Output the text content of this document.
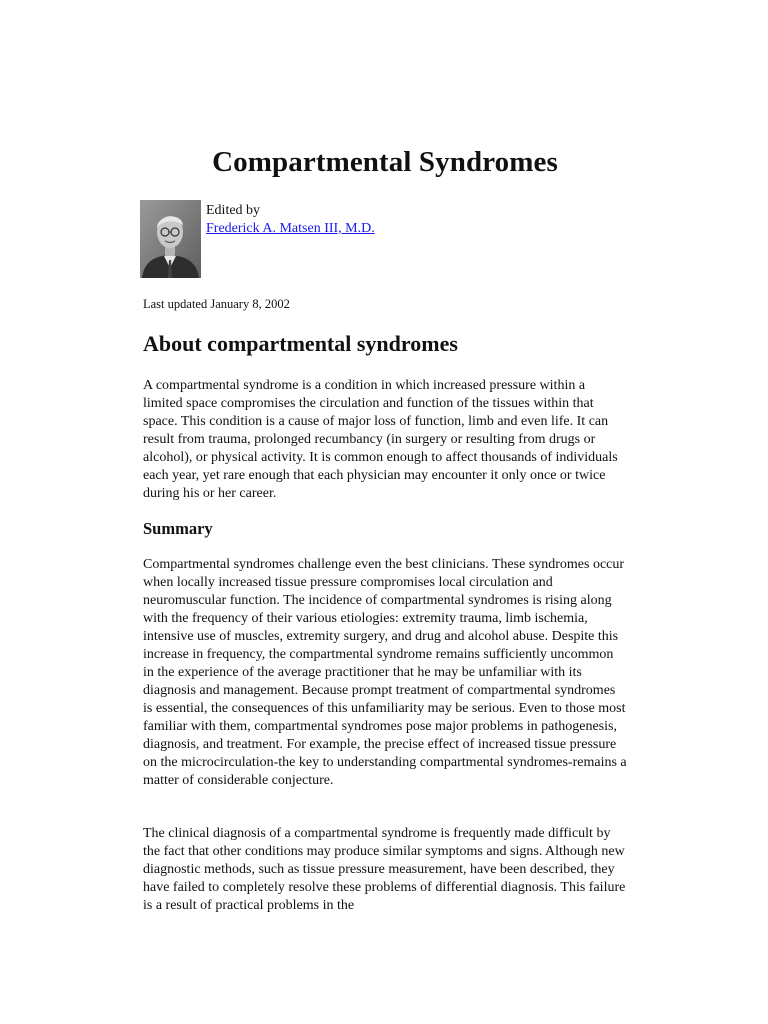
Compartmental Syndromes

Edited by

Frederick A. Matsen III, M.D.

Last updated January 8, 2002

About compartmental syndromes

A compartmental syndrome is a condition in which increased pressure within a limited space compromises the circulation and function of the tissues within that space. This condition is a cause of major loss of function, limb and even life. It can result from trauma, prolonged recumbancy (in surgery or resulting from drugs or alcohol), or physical activity. It is common enough to affect thousands of individuals each year, yet rare enough that each physician may encounter it only once or twice during his or her career.

Summary

Compartmental syndromes challenge even the best clinicians. These syndromes occur when locally increased tissue pressure compromises local circulation and neuromuscular function. The incidence of compartmental syndromes is rising along with the frequency of their various etiologies: extremity trauma, limb ischemia, intensive use of muscles, extremity surgery, and drug and alcohol abuse. Despite this increase in frequency, the compartmental syndrome remains sufficiently uncommon in the experience of the average practitioner that he may be unfamiliar with its diagnosis and management. Because prompt treatment of compartmental syndromes is essential, the consequences of this unfamiliarity may be serious. Even to those most familiar with them, compartmental syndromes pose major problems in pathogenesis, diagnosis, and treatment. For example, the precise effect of increased tissue pressure on the microcirculation-the key to understanding compartmental syndromes-remains a matter of considerable conjecture.

The clinical diagnosis of a compartmental syndrome is frequently made difficult by the fact that other conditions may produce similar symptoms and signs. Although new diagnostic methods, such as tissue pressure measurement, have been described, they have failed to completely resolve these problems of differential diagnosis. This failure is a result of practical problems in the
